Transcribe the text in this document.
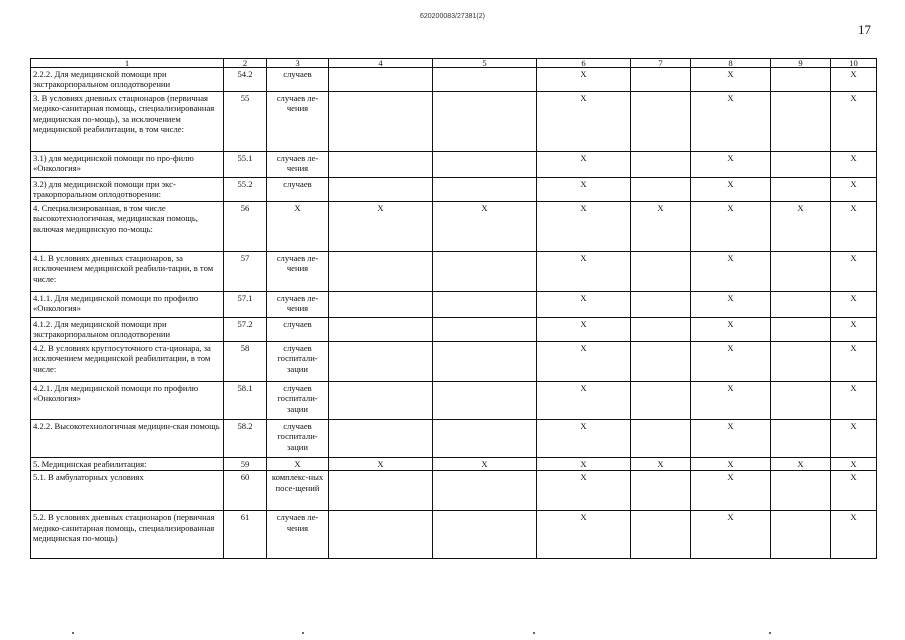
620200083/27381(2)
17
1	2	3	4	5	6	7	8	9	10
2.2.2. Для медицинской помощи при экстракорпоральном оплодотворении	54.2	случаев			Х		Х		Х
3. В условиях дневных стационаров (первичная медико-санитарная помощь, специализированная медицинская по-мощь), за исключением медицинской реабилитации, в том числе:	55	случаев ле-чения			Х		Х		Х
3.1) для медицинской помощи по про-филю «Онкология»	55.1	случаев ле-чения			Х		Х		Х
3.2) для медицинской помощи при экс-тракорпоральном оплодотворении:	55.2	случаев			Х		Х		Х
4. Специализированная, в том числе высокотехнологичная, медицинская помощь, включая медицинскую по-мощь:	56	Х	Х	Х	Х	Х	Х	Х	Х
4.1. В условиях дневных стационаров, за исключением медицинской реабили-тации, в том числе:	57	случаев ле-чения			Х		Х		Х
4.1.1. Для медицинской помощи по профилю «Онкология»	57.1	случаев ле-чения			Х		Х		Х
4.1.2. Для медицинской помощи при экстракорпоральном оплодотворении	57.2	случаев			Х		Х		Х
4.2. В условиях круглосуточного ста-ционара, за исключением медицинской реабилитации, в том числе:	58	случаев госпитали-зации			Х		Х		Х
4.2.1. Для медицинской помощи по профилю «Онкология»	58.1	случаев госпитали-зации			Х		Х		Х
4.2.2. Высокотехнологичная медицин-ская помощь	58.2	случаев госпитали-зации			Х		Х		Х
5. Медицинская реабилитация:	59	Х	Х	Х	Х	Х	Х	Х	Х
5.1. В амбулаторных условиях	60	комплекс-ных посе-щений			Х		Х		Х
5.2. В условиях дневных стационаров (первичная медико-санитарная помощь, специализированная медицинская по-мощь)	61	случаев ле-чения			Х		Х		Х
